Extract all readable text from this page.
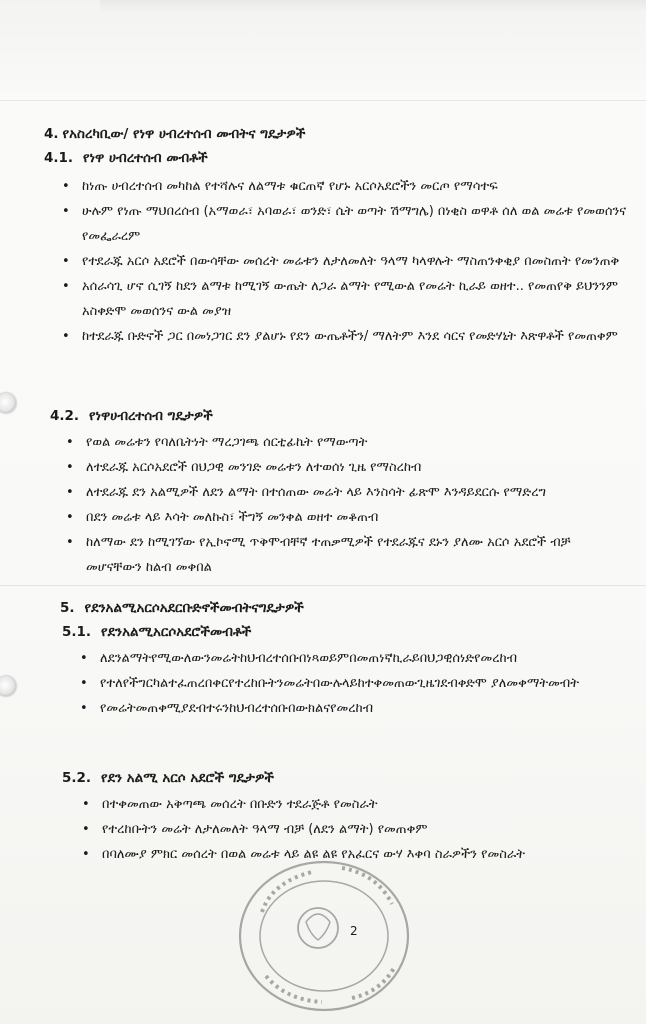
4. የአስረካቢው/ የነዋ ሀብረተሰብ መብትና ግዴታዎች
4.1. የነዋ ሀብረተሰብ መብቶች
• ከነጡ ሀብረተሰብ መካከል የተሻሉና ለልማቱ ቁርጠኛ የሆኑ አርሶአደሮችን መርጦ የማሳተፍ
• ሁሉም የነጡ ማህበረሰብ (አማወራ፣ አባወራ፣ ወንድ፣ ሴት ወጣት ሽማግሌ) በነቂስ ወዋቶ ሰለ ወል መሬቱ የመወሰንና የመፌራረም
• የተደራጁ አርሶ አደሮች በውሳቸው መሰረት መሬቱን ለታለመለት ዓላማ ካላዋሉት ማስጠንቀቂያ በመስጠት የመንጠቅ
• አሰራሳጊ ሆኖ ሲገኝ ከደን ልማቱ ከሚገኝ ውጤት ለጋራ ልማት የሚውል የመሬት ኪራይ ወዘተ.. የመጠየቅ ይህንንም አስቀድሞ መወሰንና ውል መያዝ
• ከተደራጁ ቡድኖች ጋር በመነጋገር ደን ያልሆኑ የደን ውጤቶችን/ ማለትም እንደ ሳርና የመድሃኒት እጽዋቶች የመጠቀም
4.2. የነዋሀብረተሰብ ግዴታዎች
• የወል መሬቱን የባለቤትነት ማረጋገጫ ሰርቲፊኬት የማውጣት
• ለተደራጁ አርሶአደሮች በህጋዊ መንገድ መሬቱን ለተወሰነ ጊዜ የማስረከብ
• ለተደራጁ ደን አልሚዎች ለደን ልማት በተሰጠው መሬት ላይ እንስሳት ፊጽሞ እንዳይደርሱ የማድረግ
• በደን መሬቱ ላይ እሳት መለኩስ፣ ችግኝ መንቀል ወዘተ መቆጠብ
• ከለማው ደን ከሚገኘው የኢኮኖሚ ጥቅሞብቸኛ ተጠቃሚዎች የተደራጁና ደኑን ያለሙ አርሶ አደሮች ብቻ መሆናቸውን ከልብ መቀበል
5. የደንአልሚአርሶአደርቡድኖችመብትናግዴታዎች
5.1. የደንአልሚአርሶአደሮችመብቶች
• ለደንልማትየሚውለውንመሬትከህብረተሰቡበነጻወይምበመጠነኛኪራይበህጋዊሰነድየመረከብ
• የተለየችግርካልተፈጠረበቀርየተረከቡትንመሬትበውሉላይከተቀመጠውጊዜገደብቀድሞ ያለመቀማትመብት
• የመሬትመጠቀሚያደብተሩንከህብረተሰቡበውክልናየመረከብ
5.2. የደን አልሚ አርሶ አደሮች ግዴታዎች
• በተቀመጠው አቅጣጫ መሰረት በቡድን ተደራጅቶ የመስራት
• የተረከቡትን መሬት ለታለመለት ዓላማ ብቻ (ለደን ልማት) የመጠቀም
• በባለሙያ ምክር መሰረት በወል መሬቱ ላይ ልዩ ልዩ የአፈርና ውሃ እቀባ ስራዎችን የመስራት
2
